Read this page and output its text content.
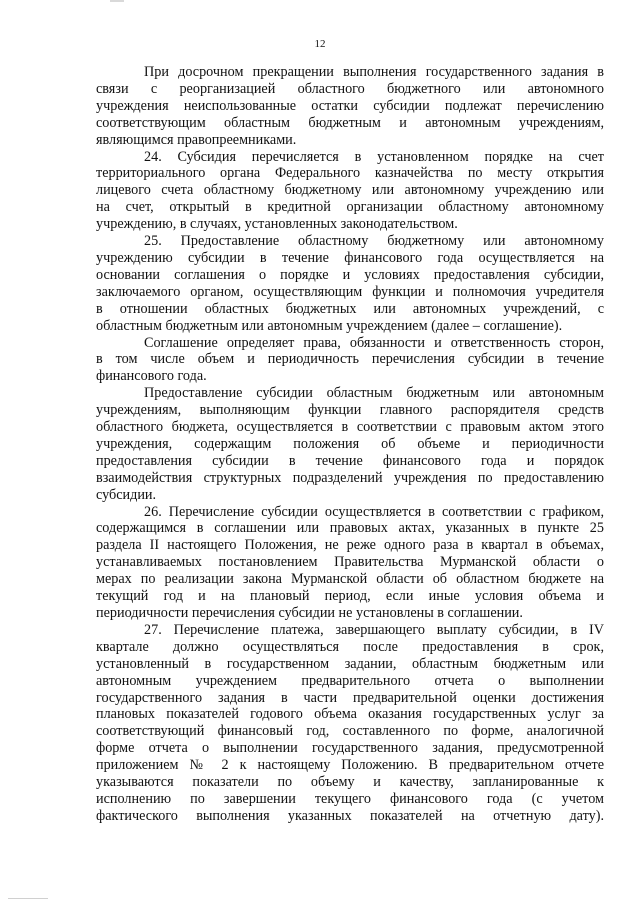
12
При досрочном прекращении выполнения государственного задания в
связи с реорганизацией областного бюджетного или автономного
учреждения неиспользованные остатки субсидии подлежат перечислению
соответствующим областным бюджетным и автономным учреждениям,
являющимся правопреемниками.
24. Субсидия перечисляется в установленном порядке на счет
территориального органа Федерального казначейства по месту открытия
лицевого счета областному бюджетному или автономному учреждению или
на счет, открытый в кредитной организации областному автономному
учреждению, в случаях, установленных законодательством.
25. Предоставление областному бюджетному или автономному
учреждению субсидии в течение финансового года осуществляется на
основании соглашения о порядке и условиях предоставления субсидии,
заключаемого органом, осуществляющим функции и полномочия учредителя
в отношении областных бюджетных или автономных учреждений, с
областным бюджетным или автономным учреждением (далее – соглашение).
Соглашение определяет права, обязанности и ответственность сторон,
в том числе объем и периодичность перечисления субсидии в течение
финансового года.
Предоставление субсидии областным бюджетным или автономным
учреждениям, выполняющим функции главного распорядителя средств
областного бюджета, осуществляется в соответствии с правовым актом этого
учреждения, содержащим положения об объеме и периодичности
предоставления субсидии в течение финансового года и порядок
взаимодействия структурных подразделений учреждения по предоставлению
субсидии.
26. Перечисление субсидии осуществляется в соответствии с графиком,
содержащимся в соглашении или правовых актах, указанных в пункте 25
раздела II настоящего Положения, не реже одного раза в квартал в объемах,
устанавливаемых постановлением Правительства Мурманской области о
мерах по реализации закона Мурманской области об областном бюджете на
текущий год и на плановый период, если иные условия объема и
периодичности перечисления субсидии не установлены в соглашении.
27. Перечисление платежа, завершающего выплату субсидии, в IV
квартале должно осуществляться после предоставления в срок,
установленный в государственном задании, областным бюджетным или
автономным учреждением предварительного отчета о выполнении
государственного задания в части предварительной оценки достижения
плановых показателей годового объема оказания государственных услуг за
соответствующий финансовый год, составленного по форме, аналогичной
форме отчета о выполнении государственного задания, предусмотренной
приложением № 2 к настоящему Положению. В предварительном отчете
указываются показатели по объему и качеству, запланированные к
исполнению по завершении текущего финансового года (с учетом
фактического выполнения указанных показателей на отчетную дату).
